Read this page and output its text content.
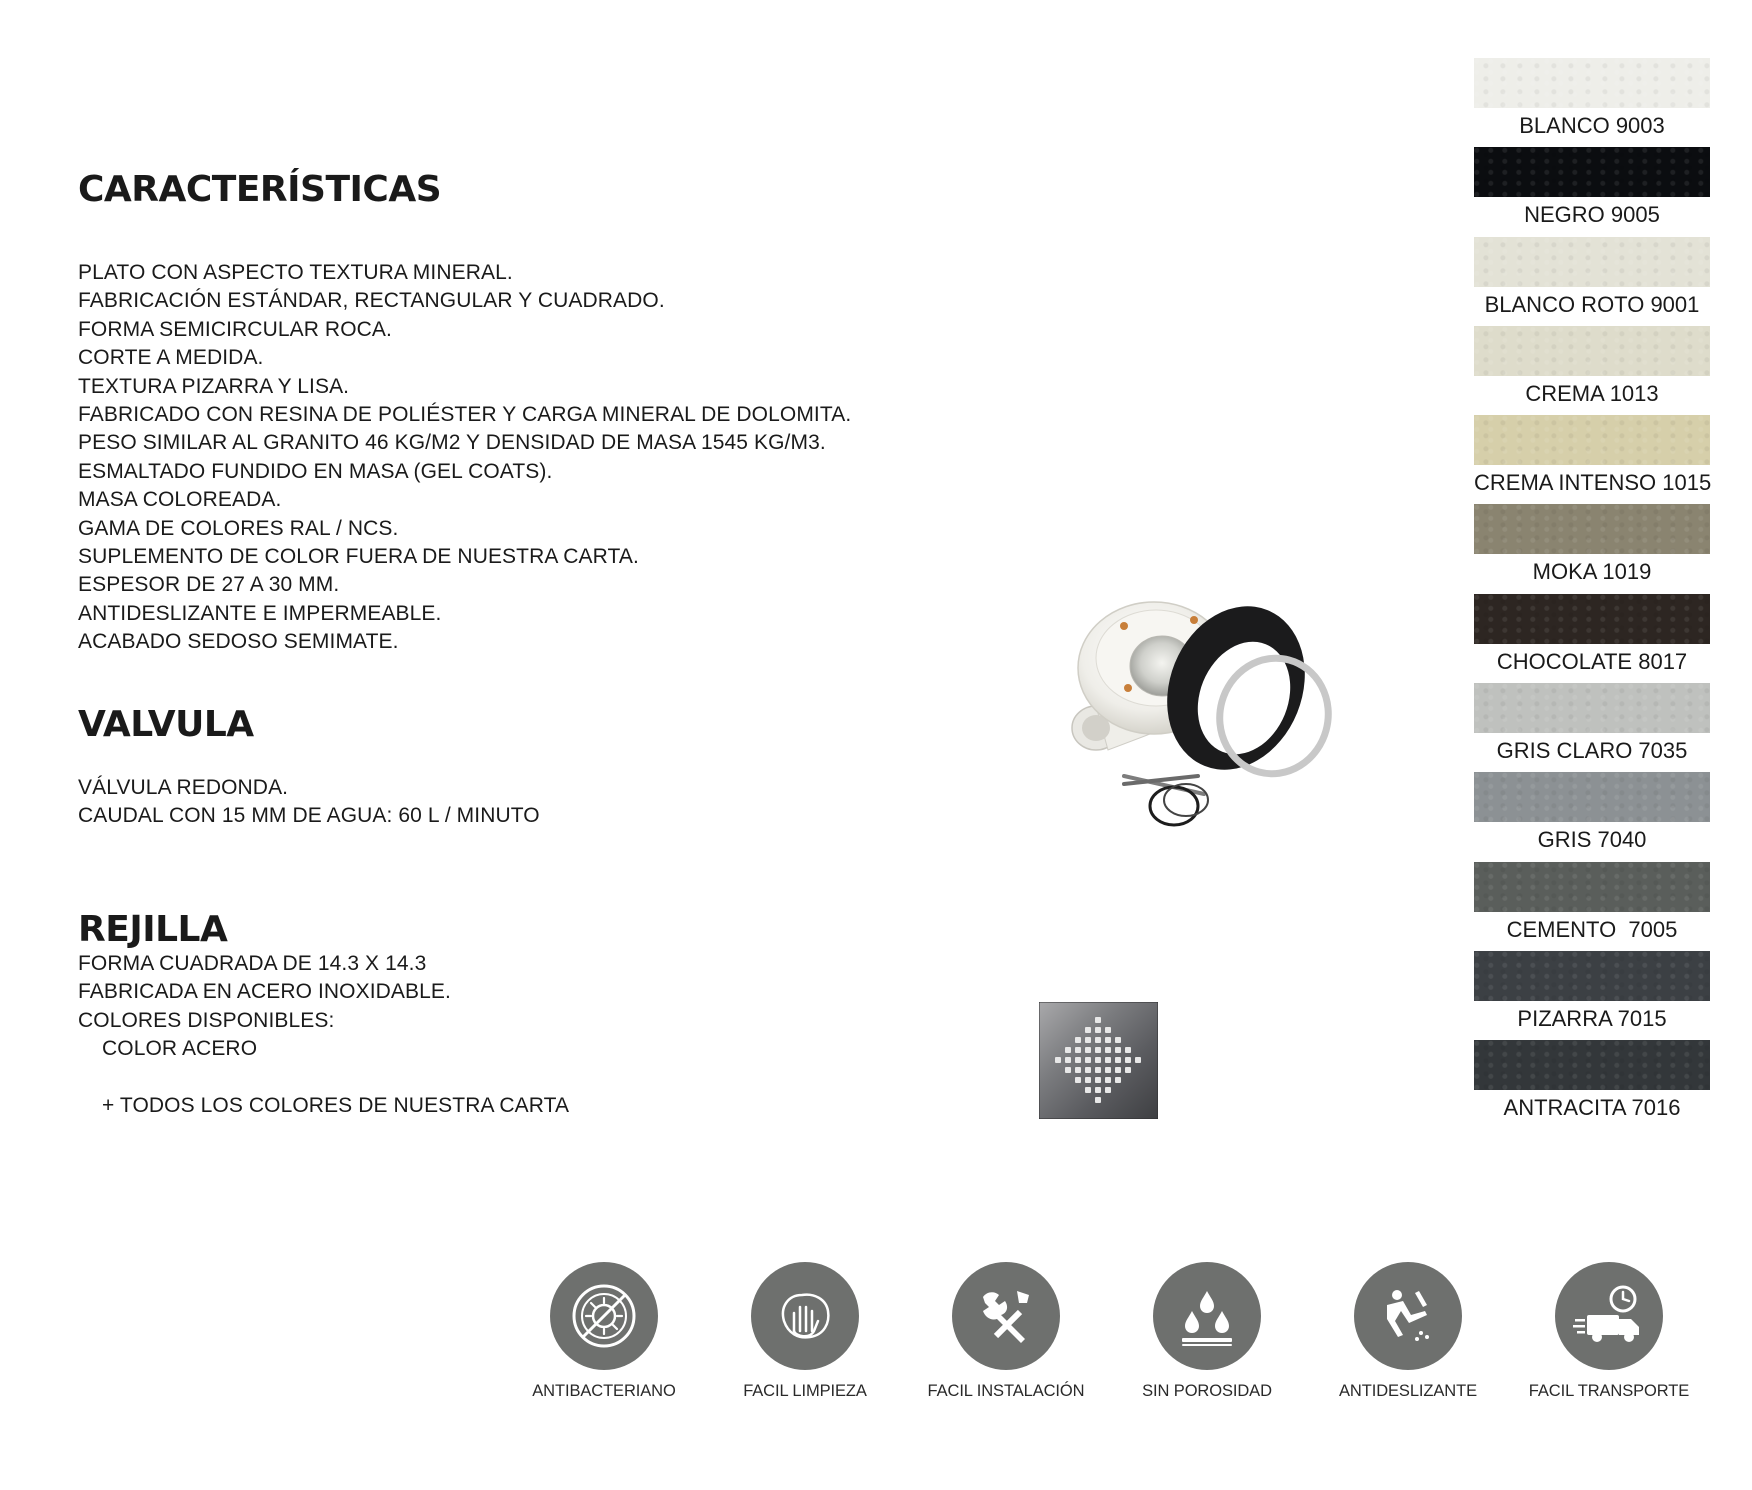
CARACTERÍSTICAS
PLATO CON ASPECTO TEXTURA MINERAL.
FABRICACIÓN ESTÁNDAR, RECTANGULAR Y CUADRADO.
FORMA SEMICIRCULAR ROCA.
CORTE A MEDIDA.
TEXTURA PIZARRA Y LISA.
FABRICADO CON RESINA DE POLIÉSTER Y CARGA MINERAL DE DOLOMITA.
PESO SIMILAR AL GRANITO 46 KG/M2 Y DENSIDAD DE MASA 1545 KG/M3.
ESMALTADO FUNDIDO EN MASA (GEL COATS).
MASA COLOREADA.
GAMA DE COLORES RAL / NCS.
SUPLEMENTO DE COLOR FUERA DE NUESTRA CARTA.
ESPESOR DE 27 A 30 MM.
ANTIDESLIZANTE E IMPERMEABLE.
ACABADO SEDOSO SEMIMATE.
VALVULA
VÁLVULA REDONDA.
CAUDAL CON 15 MM DE AGUA: 60 L / MINUTO
REJILLA
FORMA CUADRADA DE 14.3 X 14.3
FABRICADA EN ACERO INOXIDABLE.
COLORES DISPONIBLES:
COLOR ACERO
+ TODOS LOS COLORES DE NUESTRA CARTA
BLANCO 9003
NEGRO 9005
BLANCO ROTO 9001
CREMA 1013
CREMA INTENSO 1015
MOKA 1019
CHOCOLATE 8017
GRIS CLARO 7035
GRIS 7040
CEMENTO  7005
PIZARRA 7015
ANTRACITA 7016
ANTIBACTERIANO	FACIL LIMPIEZA	FACIL INSTALACIÓN	SIN POROSIDAD	ANTIDESLIZANTE	FACIL TRANSPORTE
